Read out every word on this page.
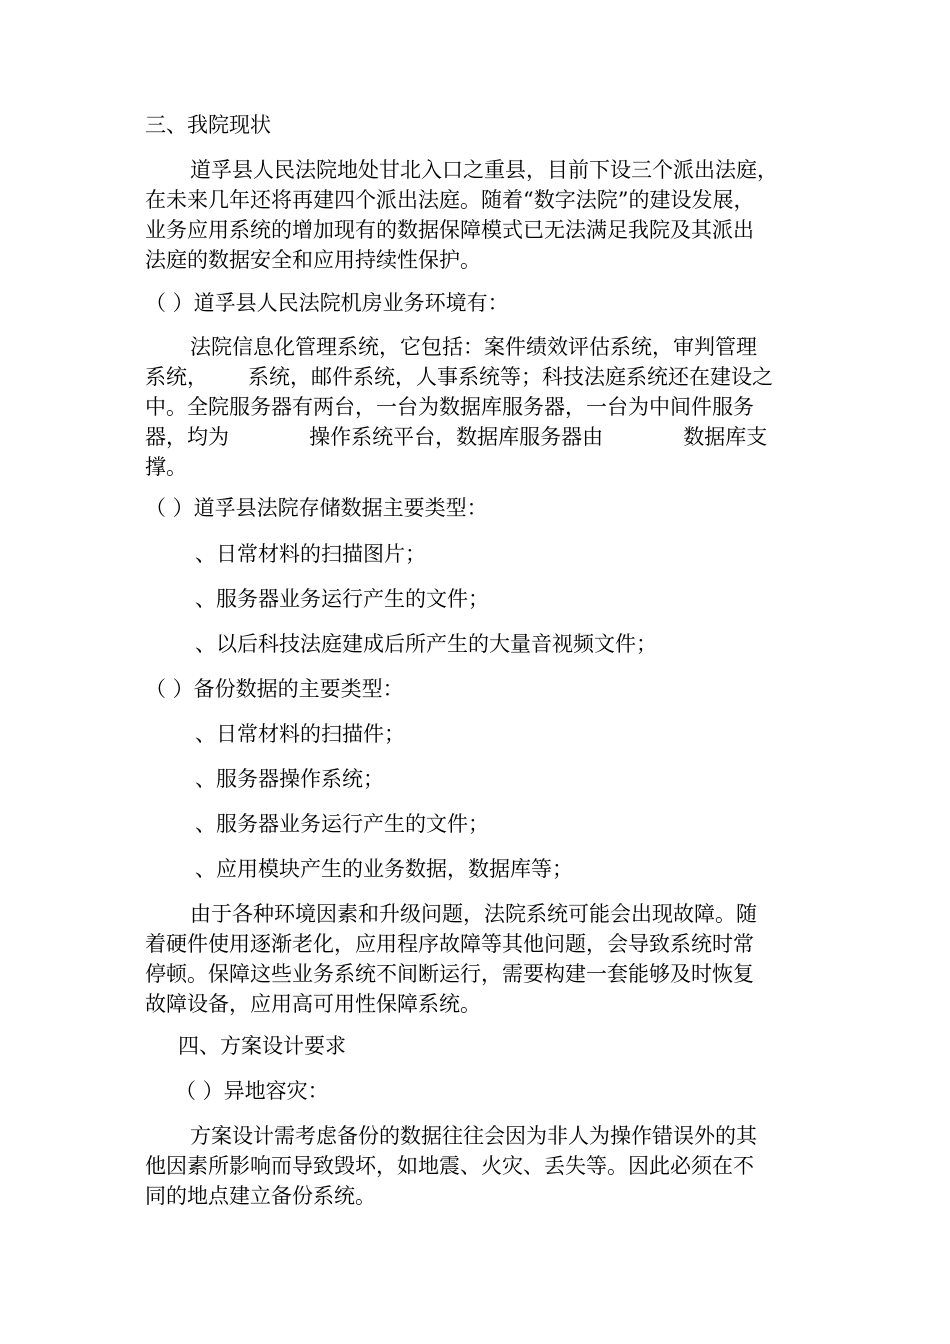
三、我院现状

道孚县人民法院地处甘北入口之重县，目前下设三个派出法庭，

在未来几年还将再建四个派出法庭。随着“数字法院”的建设发展，

业务应用系统的增加现有的数据保障模式已无法满足我院及其派出

法庭的数据安全和应用持续性保护。

（ ）道孚县人民法院机房业务环境有：

法院信息化管理系统，它包括：案件绩效评估系统，审判管理

系统，      系统，邮件系统，人事系统等；科技法庭系统还在建设之

中。全院服务器有两台，一台为数据库服务器，一台为中间件服务

器，均为            操作系统平台，数据库服务器由            数据库支

撑。

（ ）道孚县法院存储数据主要类型：

、日常材料的扫描图片；

、服务器业务运行产生的文件；

、以后科技法庭建成后所产生的大量音视频文件；

（ ）备份数据的主要类型：

、日常材料的扫描件；

、服务器操作系统；

、服务器业务运行产生的文件；

、应用模块产生的业务数据，数据库等；

由于各种环境因素和升级问题，法院系统可能会出现故障。随

着硬件使用逐渐老化，应用程序故障等其他问题，会导致系统时常

停顿。保障这些业务系统不间断运行，需要构建一套能够及时恢复

故障设备，应用高可用性保障系统。

四、方案设计要求

（ ）异地容灾：

方案设计需考虑备份的数据往往会因为非人为操作错误外的其

他因素所影响而导致毁坏，如地震、火灾、丢失等。因此必须在不

同的地点建立备份系统。
